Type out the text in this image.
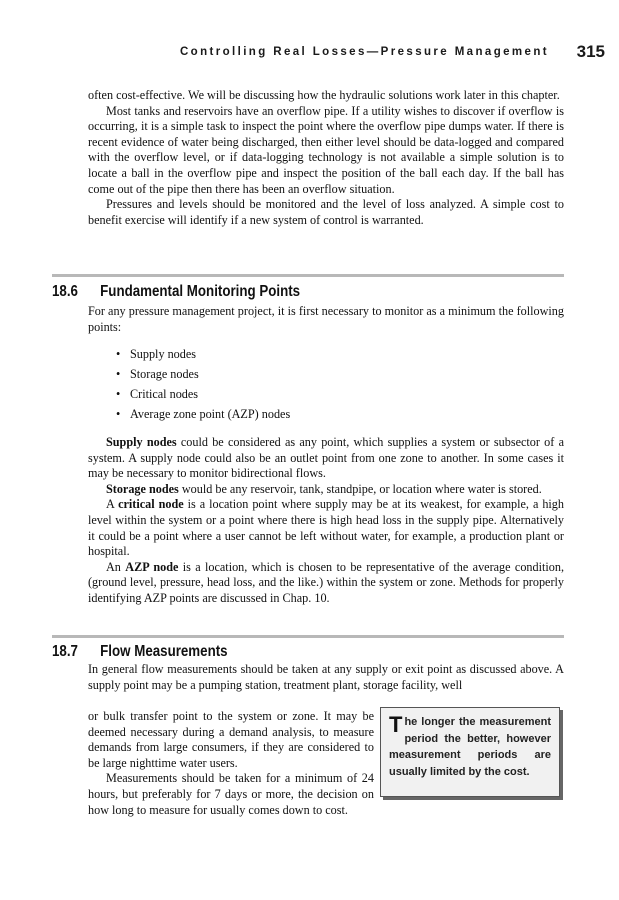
Controlling Real Losses—Pressure Management 315

often cost-effective. We will be discussing how the hydraulic solutions work later in this chapter.

Most tanks and reservoirs have an overflow pipe. If a utility wishes to discover if overflow is occurring, it is a simple task to inspect the point where the overflow pipe dumps water. If there is recent evidence of water being discharged, then either level should be data-logged and compared with the overflow level, or if data-logging technology is not available a simple solution is to locate a ball in the overflow pipe and inspect the position of the ball each day. If the ball has come out of the pipe then there has been an overflow situation.

Pressures and levels should be monitored and the level of loss analyzed. A simple cost to benefit exercise will identify if a new system of control is warranted.

18.6 Fundamental Monitoring Points

For any pressure management project, it is first necessary to monitor as a minimum the following points:

• Supply nodes
• Storage nodes
• Critical nodes
• Average zone point (AZP) nodes

Supply nodes could be considered as any point, which supplies a system or subsector of a system. A supply node could also be an outlet point from one zone to another. In some cases it may be necessary to monitor bidirectional flows.

Storage nodes would be any reservoir, tank, standpipe, or location where water is stored.

A critical node is a location point where supply may be at its weakest, for example, a high level within the system or a point where there is high head loss in the supply pipe. Alternatively it could be a point where a user cannot be left without water, for example, a production plant or hospital.

An AZP node is a location, which is chosen to be representative of the average condition, (ground level, pressure, head loss, and the like.) within the system or zone. Methods for properly identifying AZP points are discussed in Chap. 10.

18.7 Flow Measurements

In general flow measurements should be taken at any supply or exit point as discussed above. A supply point may be a pumping station, treatment plant, storage facility, well

or bulk transfer point to the system or zone. It may be deemed necessary during a demand analysis, to measure demands from large consumers, if they are considered to be large nighttime water users.

Measurements should be taken for a minimum of 24 hours, but preferably for 7 days or more, the decision on how long to measure for usually comes down to cost.

The longer the measurement period the better, however measurement periods are usually limited by the cost.
